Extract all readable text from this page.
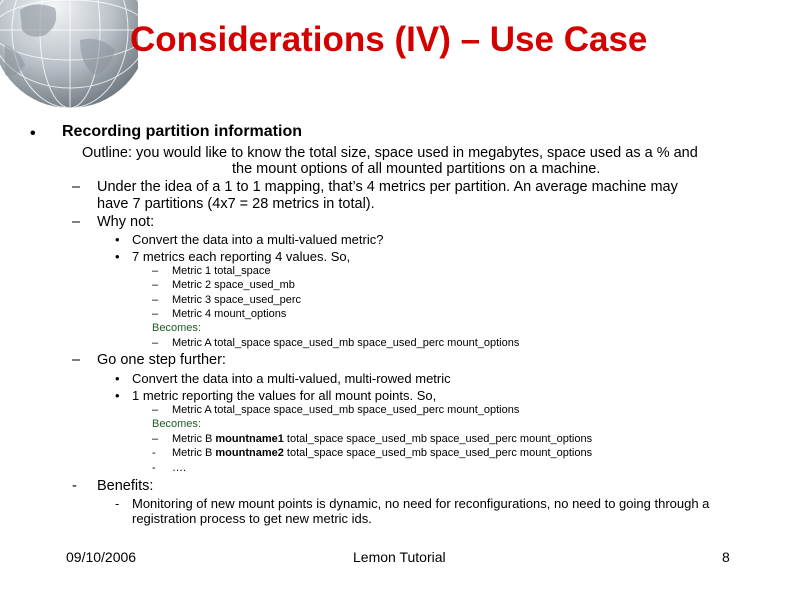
Considerations (IV) – Use Case
• Recording partition information
Outline: you would like to know the total size, space used in megabytes, space used as a % and
the mount options of all mounted partitions on a machine.
– Under the idea of a 1 to 1 mapping, that’s 4 metrics per partition. An average machine may
have 7 partitions (4x7 = 28 metrics in total).
– Why not:
• Convert the data into a multi-valued metric?
• 7 metrics each reporting 4 values. So,
– Metric 1 total_space
– Metric 2 space_used_mb
– Metric 3 space_used_perc
– Metric 4 mount_options
Becomes:
– Metric A total_space space_used_mb space_used_perc mount_options
– Go one step further:
• Convert the data into a multi-valued, multi-rowed metric
• 1 metric reporting the values for all mount points. So,
– Metric A total_space space_used_mb space_used_perc mount_options
Becomes:
– Metric B mountname1 total_space space_used_mb space_used_perc mount_options
- Metric B mountname2 total_space space_used_mb space_used_perc mount_options
- ….
- Benefits:
- Monitoring of new mount points is dynamic, no need for reconfigurations, no need to going through a
registration process to get new metric ids.
09/10/2006	Lemon Tutorial	8
